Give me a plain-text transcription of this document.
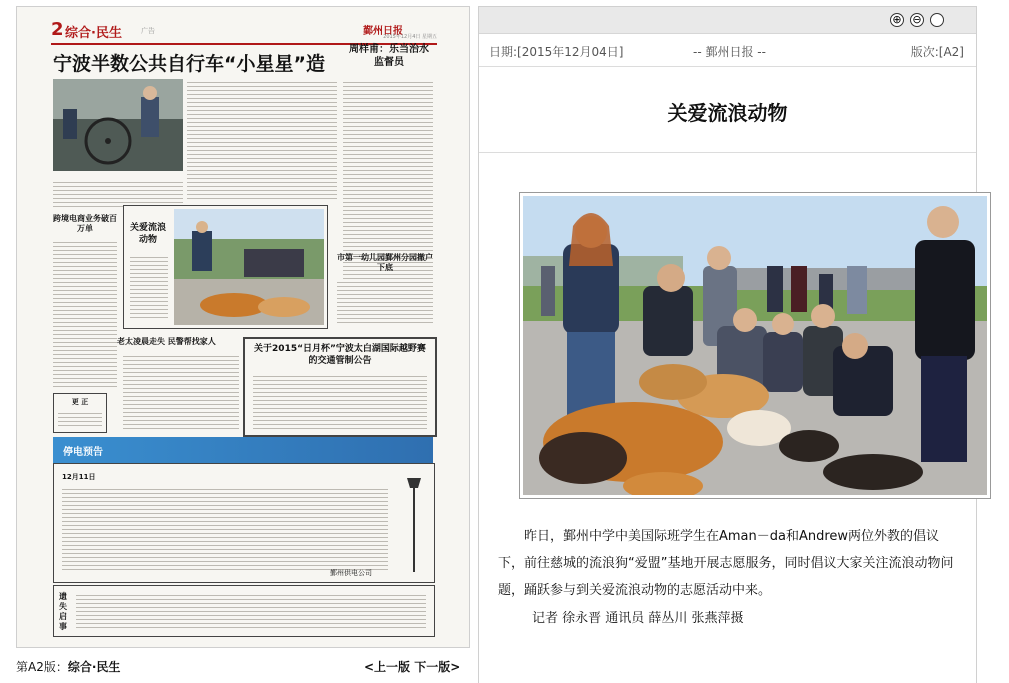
2 综合·民生	广告	鄞州日报
2015年12月4日 星期五
宁波半数公共自行车“小星星”造
周样甫：乐当治水监督员
跨境电商业务破百万单	关爱流浪动物
市第一幼儿园鄞州分园撤户下底
老太凌晨走失 民警帮找家人
更 正
关于2015“日月杯”宁波太白湖国际越野赛的交通管制公告
停电预告
12月11日
鄞州供电公司
遗失启事
第A2版：综合·民生	<上一版 下一版>
⊕ ⊖
日期:[2015年12月04日]	-- 鄞州日报 --	版次:[A2]
关爱流浪动物

昨日，鄞州中学中美国际班学生在Aman－da和Andrew两位外教的倡议下，前往慈城的流浪狗“爱盟”基地开展志愿服务，同时倡议大家关注流浪动物问题，踊跃参与到关爱流浪动物的志愿活动中来。

记者 徐永晋 通讯员 薛丛川 张燕萍摄
